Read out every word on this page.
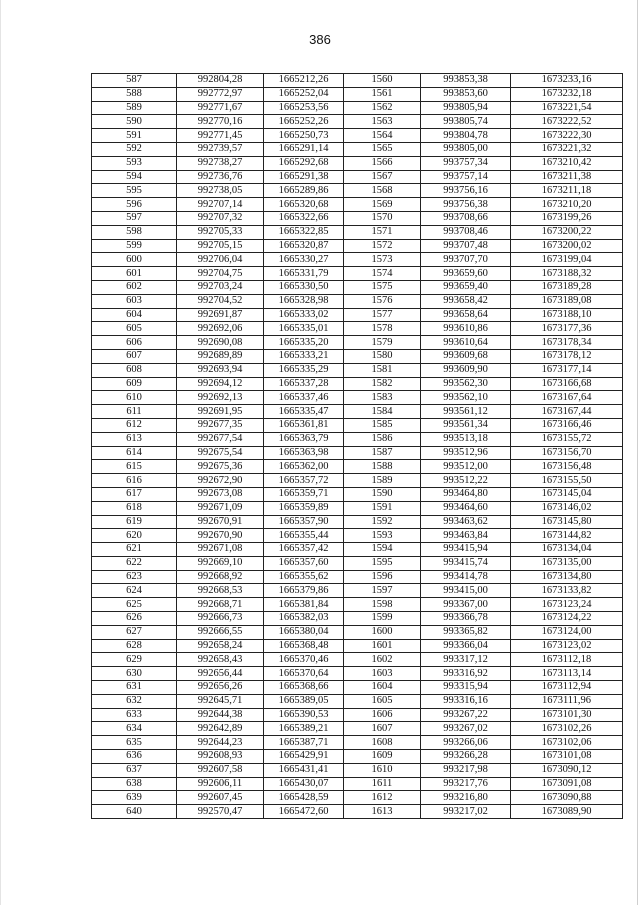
386
587	992804,28	1665212,26	1560	993853,38	1673233,16
588	992772,97	1665252,04	1561	993853,60	1673232,18
589	992771,67	1665253,56	1562	993805,94	1673221,54
590	992770,16	1665252,26	1563	993805,74	1673222,52
591	992771,45	1665250,73	1564	993804,78	1673222,30
592	992739,57	1665291,14	1565	993805,00	1673221,32
593	992738,27	1665292,68	1566	993757,34	1673210,42
594	992736,76	1665291,38	1567	993757,14	1673211,38
595	992738,05	1665289,86	1568	993756,16	1673211,18
596	992707,14	1665320,68	1569	993756,38	1673210,20
597	992707,32	1665322,66	1570	993708,66	1673199,26
598	992705,33	1665322,85	1571	993708,46	1673200,22
599	992705,15	1665320,87	1572	993707,48	1673200,02
600	992706,04	1665330,27	1573	993707,70	1673199,04
601	992704,75	1665331,79	1574	993659,60	1673188,32
602	992703,24	1665330,50	1575	993659,40	1673189,28
603	992704,52	1665328,98	1576	993658,42	1673189,08
604	992691,87	1665333,02	1577	993658,64	1673188,10
605	992692,06	1665335,01	1578	993610,86	1673177,36
606	992690,08	1665335,20	1579	993610,64	1673178,34
607	992689,89	1665333,21	1580	993609,68	1673178,12
608	992693,94	1665335,29	1581	993609,90	1673177,14
609	992694,12	1665337,28	1582	993562,30	1673166,68
610	992692,13	1665337,46	1583	993562,10	1673167,64
611	992691,95	1665335,47	1584	993561,12	1673167,44
612	992677,35	1665361,81	1585	993561,34	1673166,46
613	992677,54	1665363,79	1586	993513,18	1673155,72
614	992675,54	1665363,98	1587	993512,96	1673156,70
615	992675,36	1665362,00	1588	993512,00	1673156,48
616	992672,90	1665357,72	1589	993512,22	1673155,50
617	992673,08	1665359,71	1590	993464,80	1673145,04
618	992671,09	1665359,89	1591	993464,60	1673146,02
619	992670,91	1665357,90	1592	993463,62	1673145,80
620	992670,90	1665355,44	1593	993463,84	1673144,82
621	992671,08	1665357,42	1594	993415,94	1673134,04
622	992669,10	1665357,60	1595	993415,74	1673135,00
623	992668,92	1665355,62	1596	993414,78	1673134,80
624	992668,53	1665379,86	1597	993415,00	1673133,82
625	992668,71	1665381,84	1598	993367,00	1673123,24
626	992666,73	1665382,03	1599	993366,78	1673124,22
627	992666,55	1665380,04	1600	993365,82	1673124,00
628	992658,24	1665368,48	1601	993366,04	1673123,02
629	992658,43	1665370,46	1602	993317,12	1673112,18
630	992656,44	1665370,64	1603	993316,92	1673113,14
631	992656,26	1665368,66	1604	993315,94	1673112,94
632	992645,71	1665389,05	1605	993316,16	1673111,96
633	992644,38	1665390,53	1606	993267,22	1673101,30
634	992642,89	1665389,21	1607	993267,02	1673102,26
635	992644,23	1665387,71	1608	993266,06	1673102,06
636	992608,93	1665429,91	1609	993266,28	1673101,08
637	992607,58	1665431,41	1610	993217,98	1673090,12
638	992606,11	1665430,07	1611	993217,76	1673091,08
639	992607,45	1665428,59	1612	993216,80	1673090,88
640	992570,47	1665472,60	1613	993217,02	1673089,90
